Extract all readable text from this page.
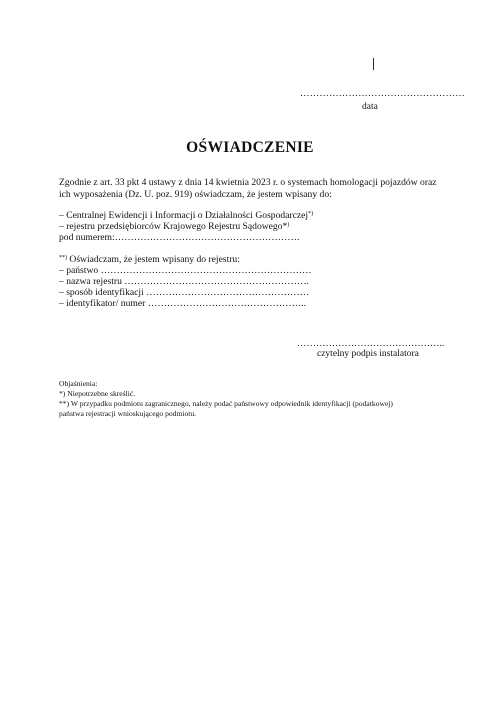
……………………………………………
data
OŚWIADCZENIE
Zgodnie z art. 33 pkt 4 ustawy z dnia 14 kwietnia 2023 r. o systemach homologacji pojazdów oraz ich wyposażenia (Dz. U. poz. 919) oświadczam, że jestem wpisany do:
– Centralnej Ewidencji i Informacji o Działalności Gospodarczej*)
– rejestru przedsiębiorców Krajowego Rejestru Sądowego*)
pod numerem:………………………………………………….
**) Oświadczam, że jestem wpisany do rejestru:
– państwo …………………………………………………………
– nazwa rejestru ………………………………………………….
– sposób identyfikacji ……………………………………………
– identyfikator/ numer …………………………………………..
………………………………………..
czytelny podpis instalatora
Objaśnienia:
*) Niepotrzebne skreślić.
**) W przypadku podmiotu zagranicznego, należy podać państwowy odpowiednik identyfikacji (podatkowej)
państwa rejestracji wnioskującego podmiotu.
